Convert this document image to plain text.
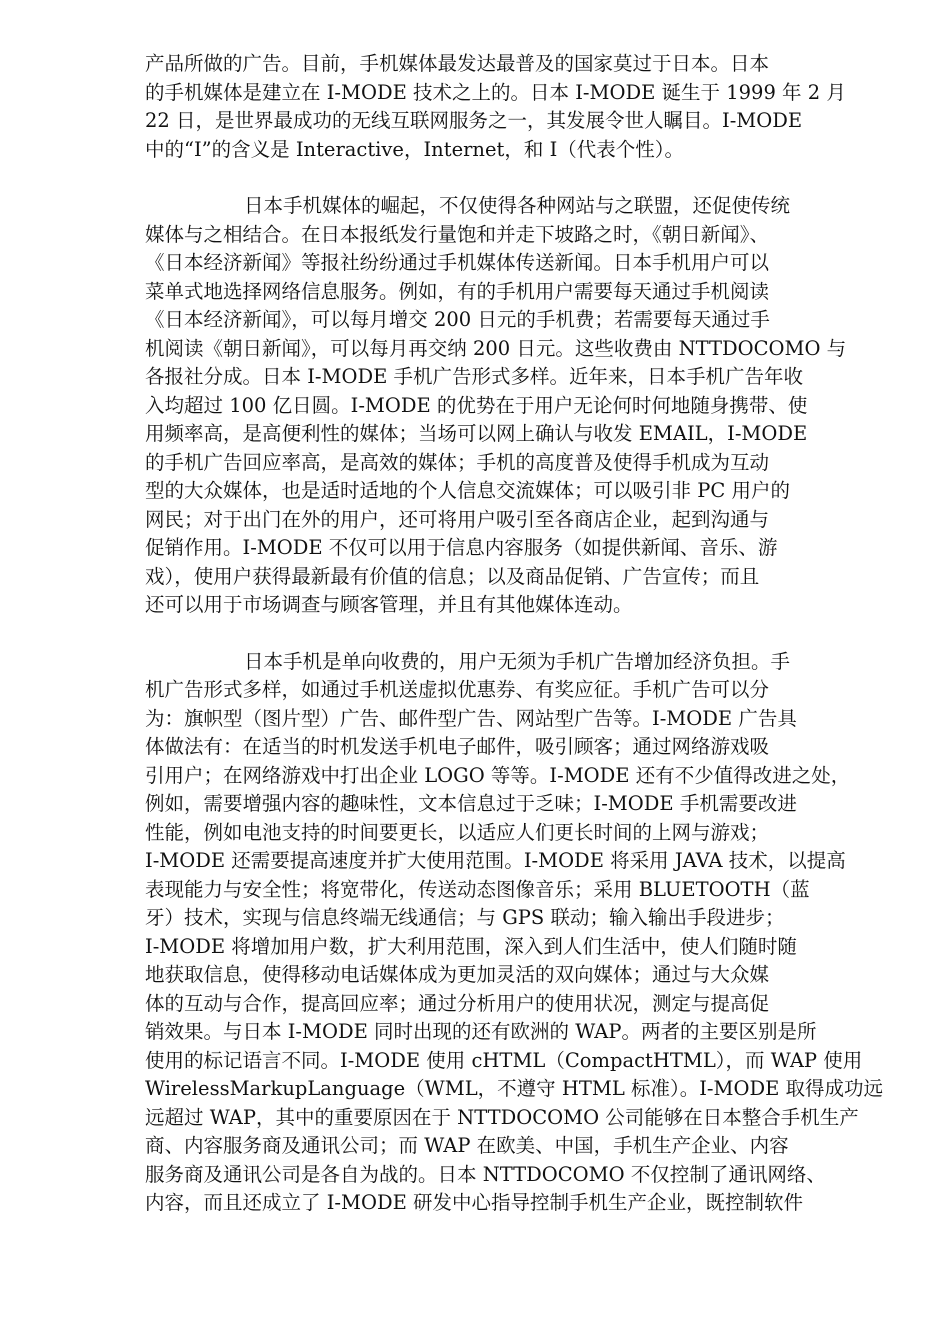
产品所做的广告。目前，手机媒体最发达最普及的国家莫过于日本。日本
的手机媒体是建立在 I-MODE 技术之上的。日本 I-MODE 诞生于 1999 年 2 月
22 日，是世界最成功的无线互联网服务之一，其发展令世人瞩目。I-MODE
中的“I”的含义是 Interactive，Internet，和 I（代表个性）。
日本手机媒体的崛起，不仅使得各种网站与之联盟，还促使传统
媒体与之相结合。在日本报纸发行量饱和并走下坡路之时，《朝日新闻》、
《日本经济新闻》等报社纷纷通过手机媒体传送新闻。日本手机用户可以
菜单式地选择网络信息服务。例如，有的手机用户需要每天通过手机阅读
《日本经济新闻》，可以每月增交 200 日元的手机费；若需要每天通过手
机阅读《朝日新闻》，可以每月再交纳 200 日元。这些收费由 NTTDOCOMO 与
各报社分成。日本 I-MODE 手机广告形式多样。近年来，日本手机广告年收
入均超过 100 亿日圆。I-MODE 的优势在于用户无论何时何地随身携带、使
用频率高，是高便利性的媒体；当场可以网上确认与收发 EMAIL，I-MODE
的手机广告回应率高，是高效的媒体；手机的高度普及使得手机成为互动
型的大众媒体，也是适时适地的个人信息交流媒体；可以吸引非 PC 用户的
网民；对于出门在外的用户，还可将用户吸引至各商店企业，起到沟通与
促销作用。I-MODE 不仅可以用于信息内容服务（如提供新闻、音乐、游
戏），使用户获得最新最有价值的信息；以及商品促销、广告宣传；而且
还可以用于市场调查与顾客管理，并且有其他媒体连动。
日本手机是单向收费的，用户无须为手机广告增加经济负担。手
机广告形式多样，如通过手机送虚拟优惠券、有奖应征。手机广告可以分
为：旗帜型（图片型）广告、邮件型广告、网站型广告等。I-MODE 广告具
体做法有：在适当的时机发送手机电子邮件，吸引顾客；通过网络游戏吸
引用户；在网络游戏中打出企业 LOGO 等等。I-MODE 还有不少值得改进之处，
例如，需要增强内容的趣味性，文本信息过于乏味；I-MODE 手机需要改进
性能，例如电池支持的时间要更长，以适应人们更长时间的上网与游戏；
I-MODE 还需要提高速度并扩大使用范围。I-MODE 将采用 JAVA 技术，以提高
表现能力与安全性；将宽带化，传送动态图像音乐；采用 BLUETOOTH（蓝
牙）技术，实现与信息终端无线通信；与 GPS 联动；输入输出手段进步；
I-MODE 将增加用户数，扩大利用范围，深入到人们生活中，使人们随时随
地获取信息，使得移动电话媒体成为更加灵活的双向媒体；通过与大众媒
体的互动与合作，提高回应率；通过分析用户的使用状况，测定与提高促
销效果。与日本 I-MODE 同时出现的还有欧洲的 WAP。两者的主要区别是所
使用的标记语言不同。I-MODE 使用 cHTML（CompactHTML），而 WAP 使用
WirelessMarkupLanguage（WML，不遵守 HTML 标准）。I-MODE 取得成功远
远超过 WAP，其中的重要原因在于 NTTDOCOMO 公司能够在日本整合手机生产
商、内容服务商及通讯公司；而 WAP 在欧美、中国，手机生产企业、内容
服务商及通讯公司是各自为战的。日本 NTTDOCOMO 不仅控制了通讯网络、
内容，而且还成立了 I-MODE 研发中心指导控制手机生产企业，既控制软件
